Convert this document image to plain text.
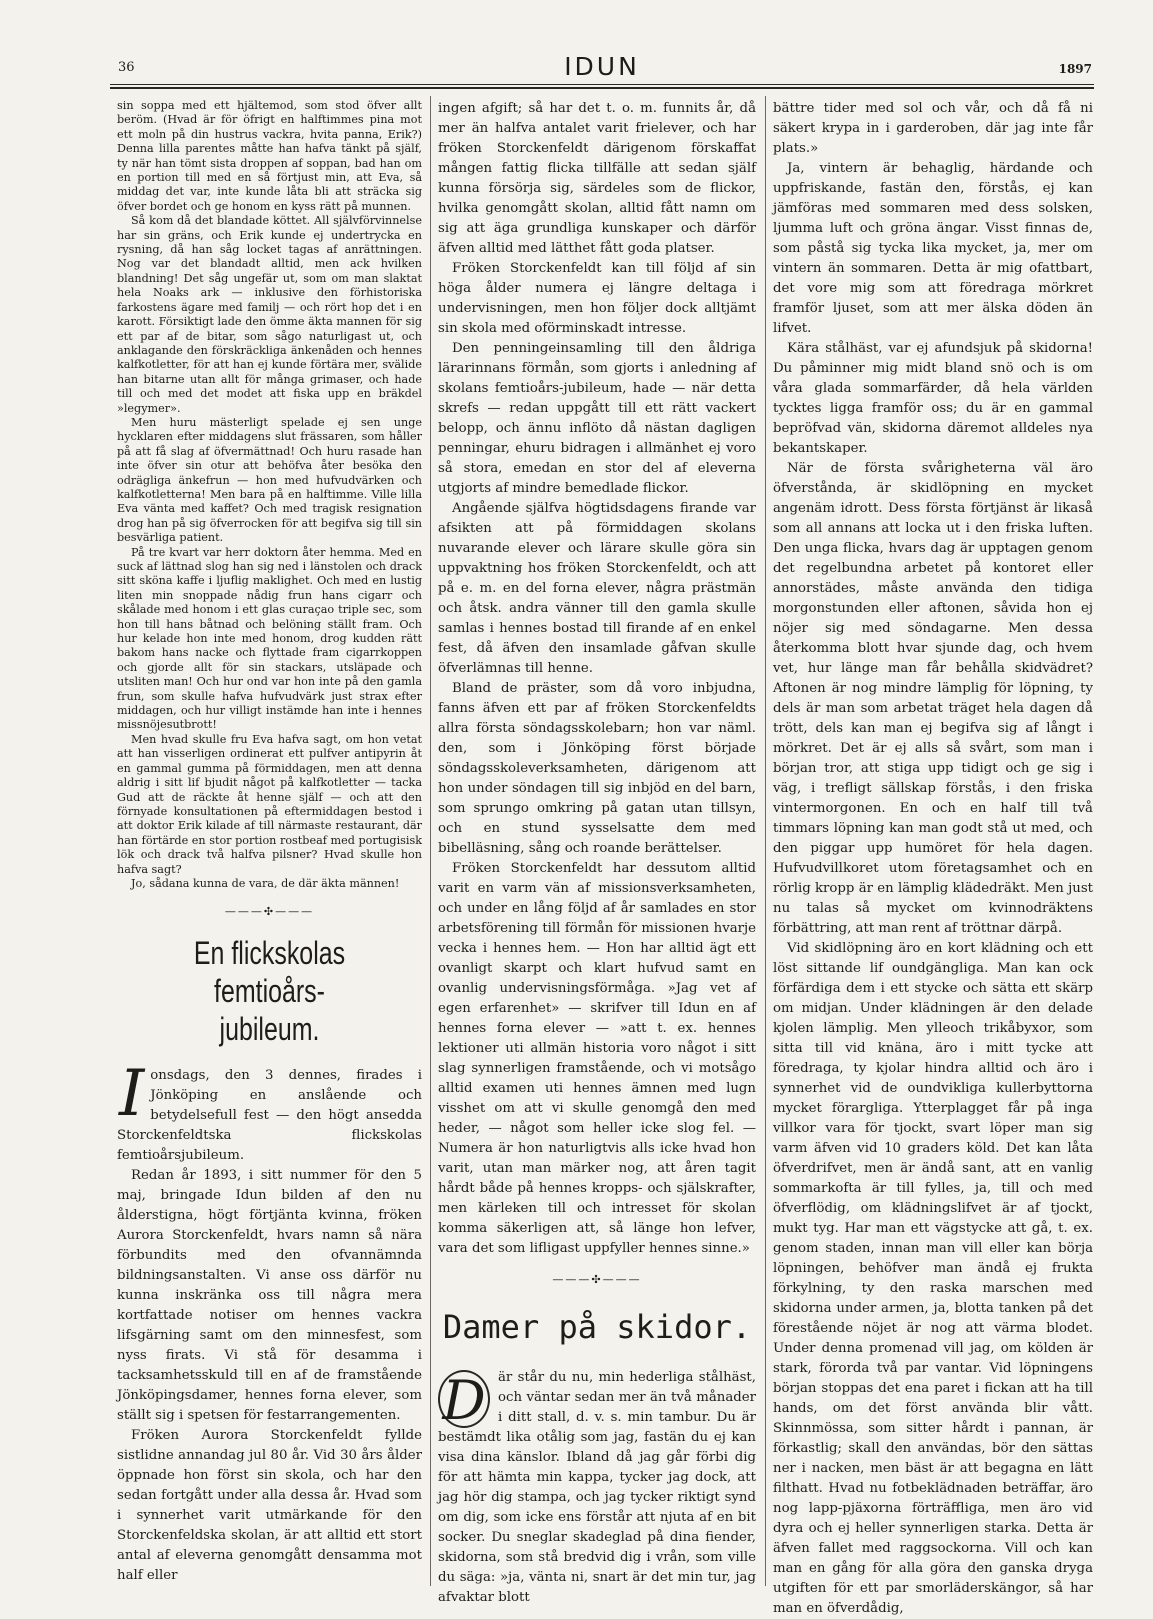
36	IDUN	1897

sin soppa med ett hjältemod, som stod öfver allt beröm. (Hvad är för öfrigt en halftimmes pina mot ett moln på din hustrus vackra, hvita panna, Erik?) Denna lilla parentes måtte han hafva tänkt på själf, ty när han tömt sista droppen af soppan, bad han om en portion till med en så förtjust min, att Eva, så middag det var, inte kunde låta bli att sträcka sig öfver bordet och ge honom en kyss rätt på munnen.

Så kom då det blandade köttet. All självförvinnelse har sin gräns, och Erik kunde ej undertrycka en rysning, då han såg locket tagas af anrättningen. Nog var det blandadt alltid, men ack hvilken blandning! Det såg ungefär ut, som om man slaktat hela Noaks ark — inklusive den förhistoriska farkostens ägare med familj — och rört hop det i en karott. Försiktigt lade den ömme äkta mannen för sig ett par af de bitar, som sågo naturligast ut, och anklagande den förskräckliga änkenåden och hennes kalfkotletter, för att han ej kunde förtära mer, svälide han bitarne utan allt för många grimaser, och hade till och med det modet att fiska upp en bräkdel »legymer».

Men huru mästerligt spelade ej sen unge hycklaren efter middagens slut frässaren, som håller på att få slag af öfvermättnad! Och huru rasade han inte öfver sin otur att behöfva åter besöka den odrägliga änkefrun — hon med hufvudvärken och kalfkotletterna! Men bara på en halftimme. Ville lilla Eva vänta med kaffet? Och med tragisk resignation drog han på sig öfverrocken för att begifva sig till sin besvärliga patient.

På tre kvart var herr doktorn åter hemma. Med en suck af lättnad slog han sig ned i länstolen och drack sitt sköna kaffe i ljuflig maklighet. Och med en lustig liten min snoppade nådig frun hans cigarr och skålade med honom i ett glas curaçao triple sec, som hon till hans båtnad och belöning ställt fram. Och hur kelade hon inte med honom, drog kudden rätt bakom hans nacke och flyttade fram cigarrkoppen och gjorde allt för sin stackars, utsläpade och utsliten man! Och hur ond var hon inte på den gamla frun, som skulle hafva hufvudvärk just strax efter middagen, och hur villigt instämde han inte i hennes missnöjesutbrott!

Men hvad skulle fru Eva hafva sagt, om hon vetat att han visserligen ordinerat ett pulfver antipyrin åt en gammal gumma på förmiddagen, men att denna aldrig i sitt lif bjudit något på kalfkotletter — tacka Gud att de räckte åt henne själf — och att den förnyade konsultationen på eftermiddagen bestod i att doktor Erik kilade af till närmaste restaurant, där han förtärde en stor portion rostbeaf med portugisisk lök och drack två halfva pilsner? Hvad skulle hon hafva sagt?

Jo, sådana kunna de vara, de där äkta männen!

———✣———
En flickskolas femtioårs-
jubileum.
I onsdags, den 3 dennes, firades i Jönköping en anslående och betydelsefull fest — den högt ansedda Storckenfeldtska flickskolas femtioårsjubileum.

Redan år 1893, i sitt nummer för den 5 maj, bringade Idun bilden af den nu ålderstigna, högt förtjänta kvinna, fröken Aurora Storckenfeldt, hvars namn så nära förbundits med den ofvannämnda bildningsanstalten. Vi anse oss därför nu kunna inskränka oss till några mera kortfattade notiser om hennes vackra lifsgärning samt om den minnesfest, som nyss firats. Vi stå för desamma i tacksamhetsskuld till en af de framstående Jönköpingsdamer, hennes forna elever, som ställt sig i spetsen för festarrangementen.

Fröken Aurora Storckenfeldt fyllde sistlidne annandag jul 80 år. Vid 30 års ålder öppnade hon först sin skola, och har den sedan fortgått under alla dessa år. Hvad som i synnerhet varit utmärkande för den Storckenfeldska skolan, är att alltid ett stort antal af eleverna genomgått densamma mot half eller

ingen afgift; så har det t. o. m. funnits år, då mer än halfva antalet varit frielever, och har fröken Storckenfeldt därigenom förskaffat mången fattig flicka tillfälle att sedan själf kunna försörja sig, särdeles som de flickor, hvilka genomgått skolan, alltid fått namn om sig att äga grundliga kunskaper och därför äfven alltid med lätthet fått goda platser.

Fröken Storckenfeldt kan till följd af sin höga ålder numera ej längre deltaga i undervisningen, men hon följer dock alltjämt sin skola med oförminskadt intresse.

Den penningeinsamling till den åldriga lärarinnans förmån, som gjorts i anledning af skolans femtioårs-jubileum, hade — när detta skrefs — redan uppgått till ett rätt vackert belopp, och ännu inflöto då nästan dagligen penningar, ehuru bidragen i allmänhet ej voro så stora, emedan en stor del af eleverna utgjorts af mindre bemedlade flickor.

Angående själfva högtidsdagens firande var afsikten att på förmiddagen skolans nuvarande elever och lärare skulle göra sin uppvaktning hos fröken Storckenfeldt, och att på e. m. en del forna elever, några prästmän och åtsk. andra vänner till den gamla skulle samlas i hennes bostad till firande af en enkel fest, då äfven den insamlade gåfvan skulle öfverlämnas till henne.

Bland de präster, som då voro inbjudna, fanns äfven ett par af fröken Storckenfeldts allra första söndagsskolebarn; hon var näml. den, som i Jönköping först började söndagsskoleverksamheten, därigenom att hon under söndagen till sig inbjöd en del barn, som sprungo omkring på gatan utan tillsyn, och en stund sysselsatte dem med bibelläsning, sång och roande berättelser.

Fröken Storckenfeldt har dessutom alltid varit en varm vän af missionsverksamheten, och under en lång följd af år samlades en stor arbetsförening till förmån för missionen hvarje vecka i hennes hem. — Hon har alltid ägt ett ovanligt skarpt och klart hufvud samt en ovanlig undervisningsförmåga. »Jag vet af egen erfarenhet» — skrifver till Idun en af hennes forna elever — »att t. ex. hennes lektioner uti allmän historia voro något i sitt slag synnerligen framstående, och vi motsågo alltid examen uti hennes ämnen med lugn visshet om att vi skulle genomgå den med heder, — något som heller icke slog fel. — Numera är hon naturligtvis alls icke hvad hon varit, utan man märker nog, att åren tagit hårdt både på hennes kropps- och själskrafter, men kärleken till och intresset för skolan komma säkerligen att, så länge hon lefver, vara det som lifligast uppfyller hennes sinne.»

———✣———
Damer på skidor.
D är står du nu, min hederliga stålhäst, och väntar sedan mer än två månader i ditt stall, d. v. s. min tambur. Du är bestämdt lika otålig som jag, fastän du ej kan visa dina känslor. Ibland då jag går förbi dig för att hämta min kappa, tycker jag dock, att jag hör dig stampa, och jag tycker riktigt synd om dig, som icke ens förstår att njuta af en bit socker. Du sneglar skadeglad på dina fiender, skidorna, som stå bredvid dig i vrån, som ville du säga: »ja, vänta ni, snart är det min tur, jag afvaktar blott

bättre tider med sol och vår, och då få ni säkert krypa in i garderoben, där jag inte får plats.»

Ja, vintern är behaglig, härdande och uppfriskande, fastän den, förstås, ej kan jämföras med sommaren med dess solsken, ljumma luft och gröna ängar. Visst finnas de, som påstå sig tycka lika mycket, ja, mer om vintern än sommaren. Detta är mig ofattbart, det vore mig som att föredraga mörkret framför ljuset, som att mer älska döden än lifvet.

Kära stålhäst, var ej afundsjuk på skidorna! Du påminner mig midt bland snö och is om våra glada sommarfärder, då hela världen tycktes ligga framför oss; du är en gammal bepröfvad vän, skidorna däremot alldeles nya bekantskaper.

När de första svårigheterna väl äro öfverstånda, är skidlöpning en mycket angenäm idrott. Dess första förtjänst är likaså som all annans att locka ut i den friska luften. Den unga flicka, hvars dag är upptagen genom det regelbundna arbetet på kontoret eller annorstädes, måste använda den tidiga morgonstunden eller aftonen, såvida hon ej nöjer sig med söndagarne. Men dessa återkomma blott hvar sjunde dag, och hvem vet, hur länge man får behålla skidvädret? Aftonen är nog mindre lämplig för löpning, ty dels är man som arbetat träget hela dagen då trött, dels kan man ej begifva sig af långt i mörkret. Det är ej alls så svårt, som man i början tror, att stiga upp tidigt och ge sig i väg, i trefligt sällskap förstås, i den friska vintermorgonen. En och en half till två timmars löpning kan man godt stå ut med, och den piggar upp humöret för hela dagen. Hufvudvillkoret utom företagsamhet och en rörlig kropp är en lämplig klädedräkt. Men just nu talas så mycket om kvinnodräktens förbättring, att man rent af tröttnar därpå.

Vid skidlöpning äro en kort klädning och ett löst sittande lif oundgängliga. Man kan ock förfärdiga dem i ett stycke och sätta ett skärp om midjan. Under klädningen är den delade kjolen lämplig. Men ylleoch trikåbyxor, som sitta till vid knäna, äro i mitt tycke att föredraga, ty kjolar hindra alltid och äro i synnerhet vid de oundvikliga kullerbyttorna mycket förargliga. Ytterplagget får på inga villkor vara för tjockt, svart löper man sig varm äfven vid 10 graders köld. Det kan låta öfverdrifvet, men är ändå sant, att en vanlig sommarkofta är till fylles, ja, till och med öfverflödig, om klädningslifvet är af tjockt, mukt tyg. Har man ett vägstycke att gå, t. ex. genom staden, innan man vill eller kan börja löpningen, behöfver man ändå ej frukta förkylning, ty den raska marschen med skidorna under armen, ja, blotta tanken på det förestående nöjet är nog att värma blodet. Under denna promenad vill jag, om kölden är stark, förorda två par vantar. Vid löpningens början stoppas det ena paret i fickan att ha till hands, om det först använda blir vått. Skinnmössa, som sitter hårdt i pannan, är förkastlig; skall den användas, bör den sättas ner i nacken, men bäst är att begagna en lätt filthatt. Hvad nu fotbeklädnaden beträffar, äro nog lapp-pjäxorna förträffliga, men äro vid dyra och ej heller synnerligen starka. Detta är äfven fallet med raggsockorna. Vill och kan man en gång för alla göra den ganska dryga utgiften för ett par smorläderskängor, så har man en öfverdådig,
